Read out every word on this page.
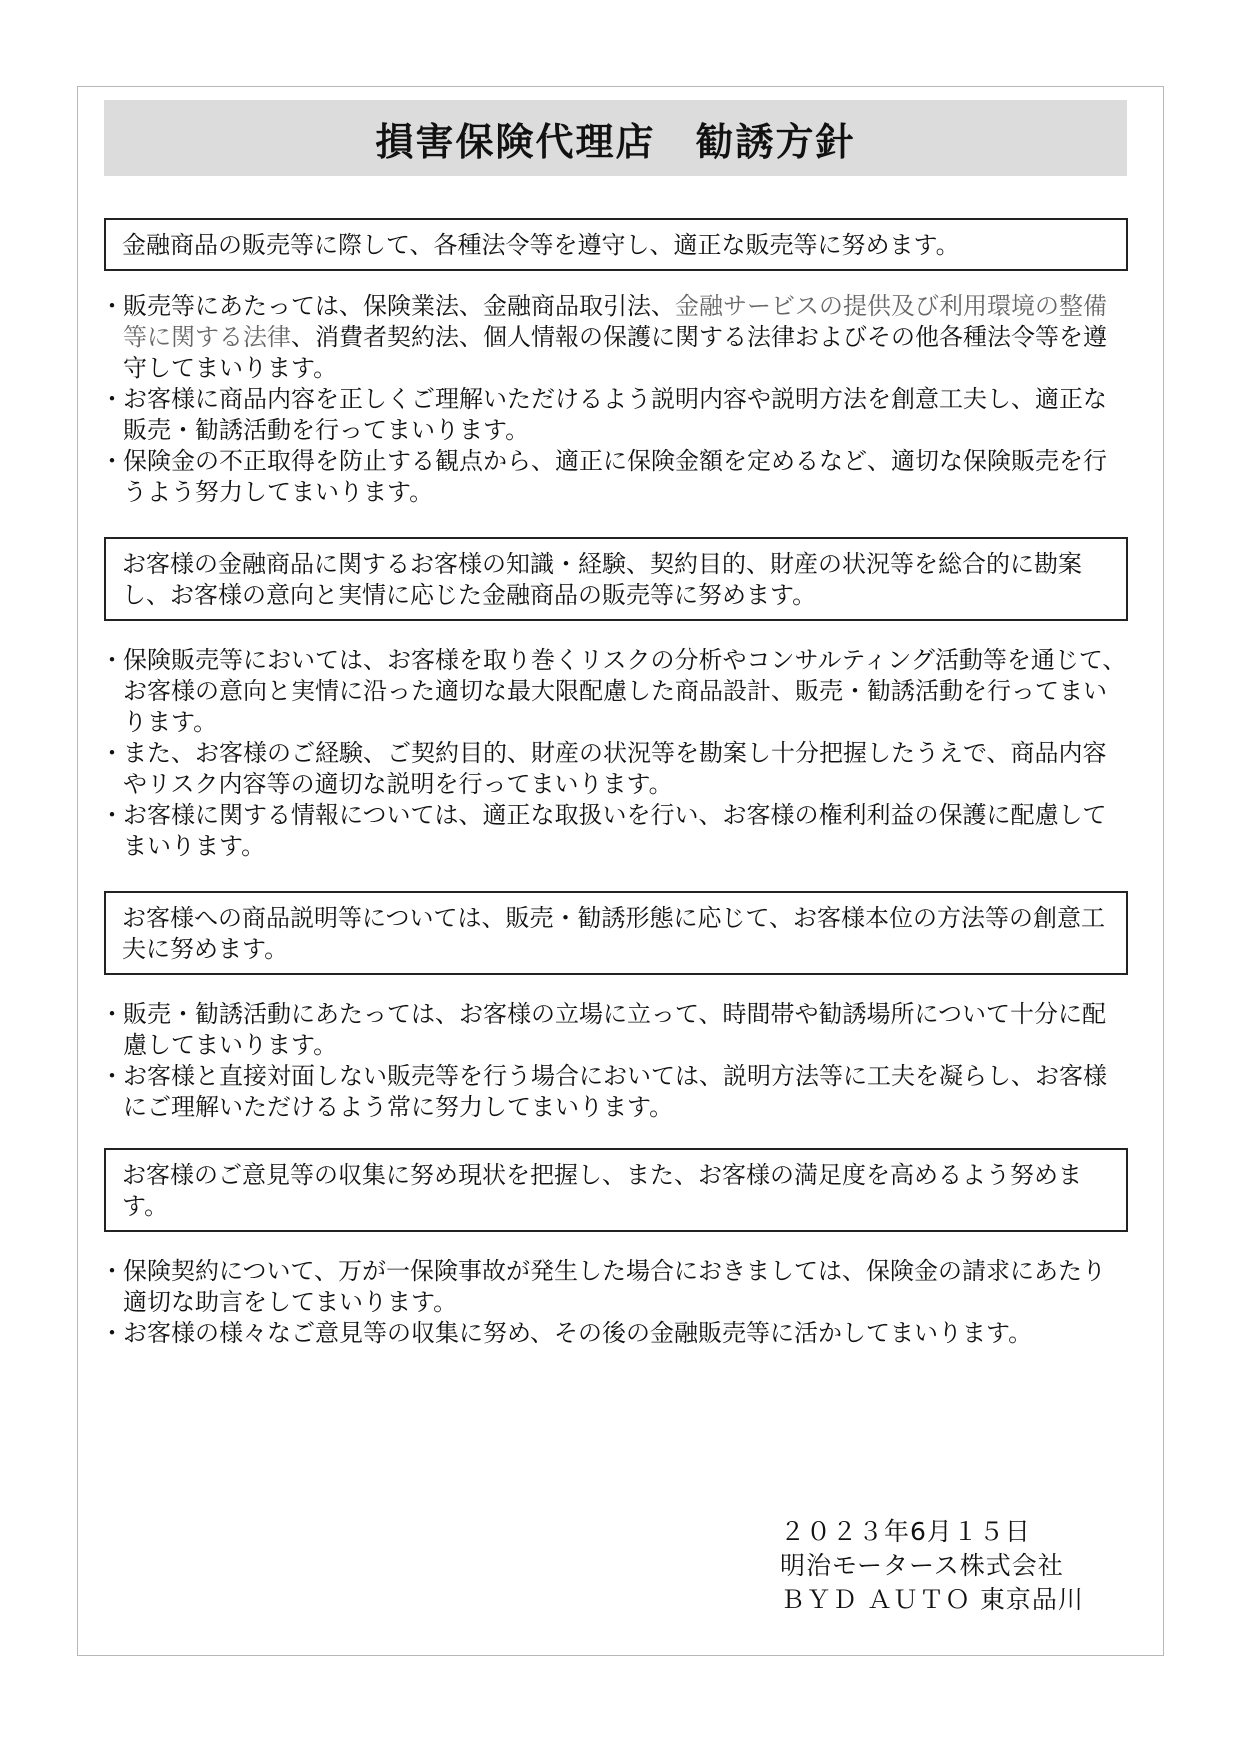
損害保険代理店　勧誘方針
金融商品の販売等に際して、各種法令等を遵守し、適正な販売等に努めます。
・ 販売等にあたっては、保険業法、金融商品取引法、金融サービスの提供及び利用環境の整備等に関する法律、消費者契約法、個人情報の保護に関する法律およびその他各種法令等を遵守してまいります。
・ お客様に商品内容を正しくご理解いただけるよう説明内容や説明方法を創意工夫し、適正な販売・勧誘活動を行ってまいります。
・ 保険金の不正取得を防止する観点から、適正に保険金額を定めるなど、適切な保険販売を行うよう努力してまいります。
お客様の金融商品に関するお客様の知識・経験、契約目的、財産の状況等を総合的に勘案し、お客様の意向と実情に応じた金融商品の販売等に努めます。
・ 保険販売等においては、お客様を取り巻くリスクの分析やコンサルティング活動等を通じて、お客様の意向と実情に沿った適切な最大限配慮した商品設計、販売・勧誘活動を行ってまいります。
・ また、お客様のご経験、ご契約目的、財産の状況等を勘案し十分把握したうえで、商品内容やリスク内容等の適切な説明を行ってまいります。
・ お客様に関する情報については、適正な取扱いを行い、お客様の権利利益の保護に配慮してまいります。
お客様への商品説明等については、販売・勧誘形態に応じて、お客様本位の方法等の創意工夫に努めます。
・ 販売・勧誘活動にあたっては、お客様の立場に立って、時間帯や勧誘場所について十分に配慮してまいります。
・ お客様と直接対面しない販売等を行う場合においては、説明方法等に工夫を凝らし、お客様にご理解いただけるよう常に努力してまいります。
お客様のご意見等の収集に努め現状を把握し、また、お客様の満足度を高めるよう努めます。
・ 保険契約について、万が一保険事故が発生した場合におきましては、保険金の請求にあたり適切な助言をしてまいります。
・ お客様の様々なご意見等の収集に努め、その後の金融販売等に活かしてまいります。
２０２３年6月１５日
明治モータース株式会社
ＢＹＤ ＡＵＴＯ 東京品川
